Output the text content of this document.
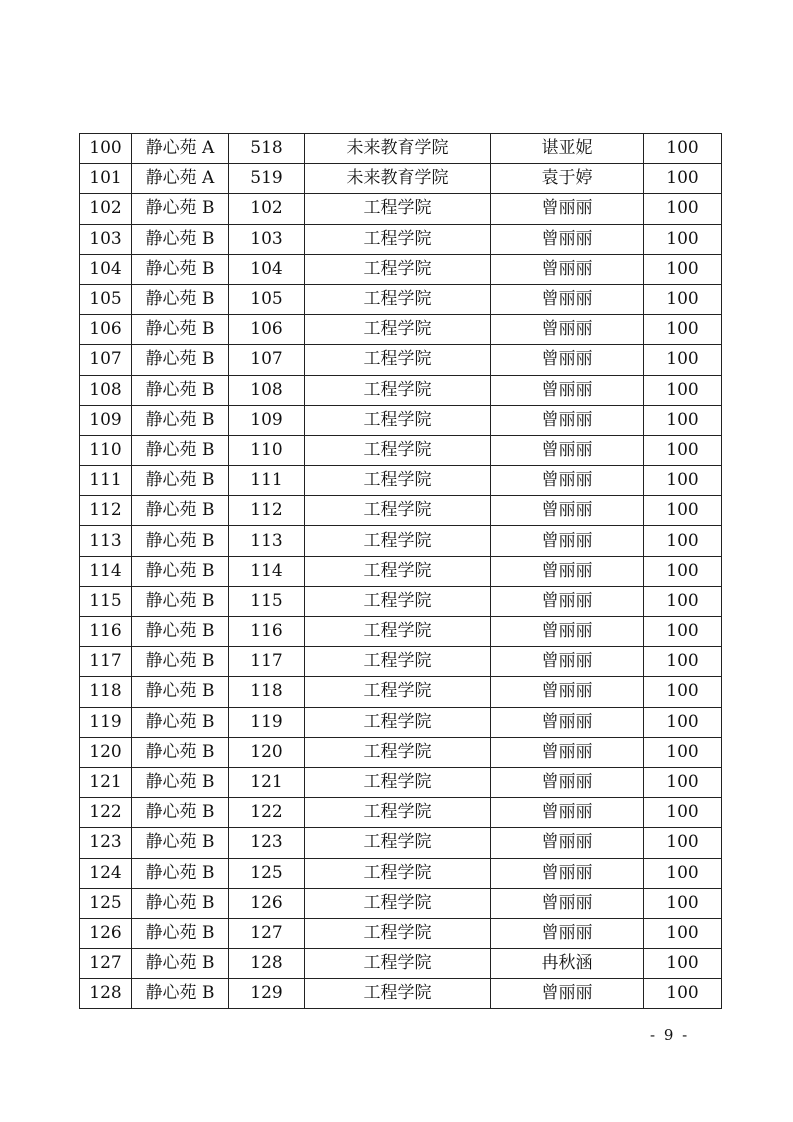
100	静心苑 A	518	未来教育学院	谌亚妮	100
101	静心苑 A	519	未来教育学院	袁于婷	100
102	静心苑 B	102	工程学院	曾丽丽	100
103	静心苑 B	103	工程学院	曾丽丽	100
104	静心苑 B	104	工程学院	曾丽丽	100
105	静心苑 B	105	工程学院	曾丽丽	100
106	静心苑 B	106	工程学院	曾丽丽	100
107	静心苑 B	107	工程学院	曾丽丽	100
108	静心苑 B	108	工程学院	曾丽丽	100
109	静心苑 B	109	工程学院	曾丽丽	100
110	静心苑 B	110	工程学院	曾丽丽	100
111	静心苑 B	111	工程学院	曾丽丽	100
112	静心苑 B	112	工程学院	曾丽丽	100
113	静心苑 B	113	工程学院	曾丽丽	100
114	静心苑 B	114	工程学院	曾丽丽	100
115	静心苑 B	115	工程学院	曾丽丽	100
116	静心苑 B	116	工程学院	曾丽丽	100
117	静心苑 B	117	工程学院	曾丽丽	100
118	静心苑 B	118	工程学院	曾丽丽	100
119	静心苑 B	119	工程学院	曾丽丽	100
120	静心苑 B	120	工程学院	曾丽丽	100
121	静心苑 B	121	工程学院	曾丽丽	100
122	静心苑 B	122	工程学院	曾丽丽	100
123	静心苑 B	123	工程学院	曾丽丽	100
124	静心苑 B	125	工程学院	曾丽丽	100
125	静心苑 B	126	工程学院	曾丽丽	100
126	静心苑 B	127	工程学院	曾丽丽	100
127	静心苑 B	128	工程学院	冉秋涵	100
128	静心苑 B	129	工程学院	曾丽丽	100
- 9 -
